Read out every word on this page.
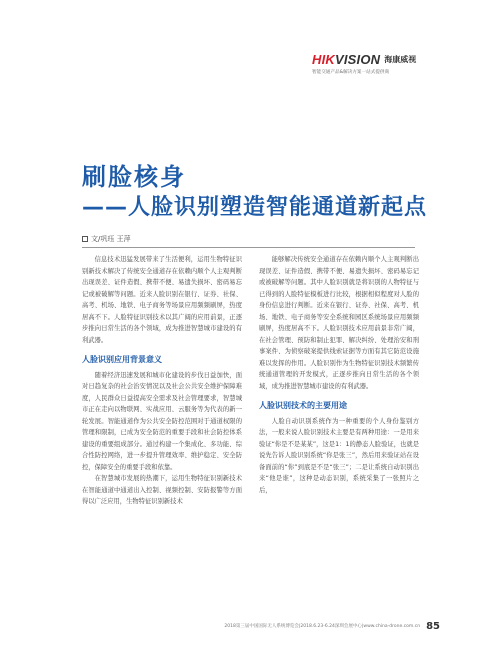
HIKVISION 海康威视
智能交通产品&解决方案一站式提供商
刷脸核身
——人脸识别塑造智能通道新起点
文/巩珏 王萍

信息技术迅猛发展带来了生活便利，运用生物特征识别新技术解决了传统安全通道存在依赖内顺个人主观判断出现误差、证件造假、携带不便、易遗失损坏、密码易忘记或被破解等问题。近来人脸识别在银行、证券、社保、高考、机场、地铁、电子商务等场景应用频频刷屏，热度居高不下。人脸特征识别技术以其广阔的应用前景，正逐步推向日常生活的各个领域，成为推进智慧城市建设的有利武器。

人脸识别应用背景意义

随着经济迅速发展和城市化建设的步伐日益加快，面对日趋复杂的社会治安情况以及社会公共安全维护保障难度，人民群众日益提高安全需求及社会管理要求，智慧城市正在走向以物联网、实战应用、云服务等为代表的新一轮发展。智能通道作为公共安全防控范围对于通道权限的管理和限制，已成为安全防范的重要手段和社会防控体系建设的重要组成部分。通过构建一个集成化、多功能、综合性防控网络，进一步提升管理效率、维护稳定、安全防控，保障安全的重要手段和依靠。

在智慧城市发展的热潮下，运用生物特征识别新技术在智能通道中通道出入控制、视频控制、安防报警等方面得以广泛应用，生物特征识别新技术

能够解决传统安全通道存在依赖内顺个人主观判断出现误差、证件造假、携带不便、易遗失损坏、密码易忘记或被破解等问题。其中人脸识别就是将识别的人物特征与已得到的人脸特征模板进行比较，根据相似程度对人脸的身份信息进行判断。近来在银行、证券、社保、高考、机场、地铁、电子商务等安全系统和园区系统场景应用频频刷屏，热度居高不下。人脸识别技术应用前景非常广阔，在社会管理、预防和制止犯罪、解决纠纷、处理治安和刑事案件、为侦察破案提供线索证据等方面有其它防范设施难以发挥的作用。人脸识别作为生物特征识别技术频繁传统通道管理的开发模式，正逐步推向日常生活的各个领域，成为推进智慧城市建设的有利武器。

人脸识别技术的主要用途

人脸自动识别系统作为一种重要的个人身份鉴别方法，一般来说人脸识别技术主要是有两种用途：一是用来验证“你是不是某某”，这是1：1的静态人脸验证，也就是说先告诉人脸识别系统“你是张三”，然后用来验证站在设备面前的“你”到底是不是“张三”；二是让系统自动识别出来“他是谁”，这种是动态识别，系统采集了一张照片之后，

2018第三届中国国际无人系统博览会|2018.6.23-6.24深圳会展中心|www.china-drone.com.cn 85
